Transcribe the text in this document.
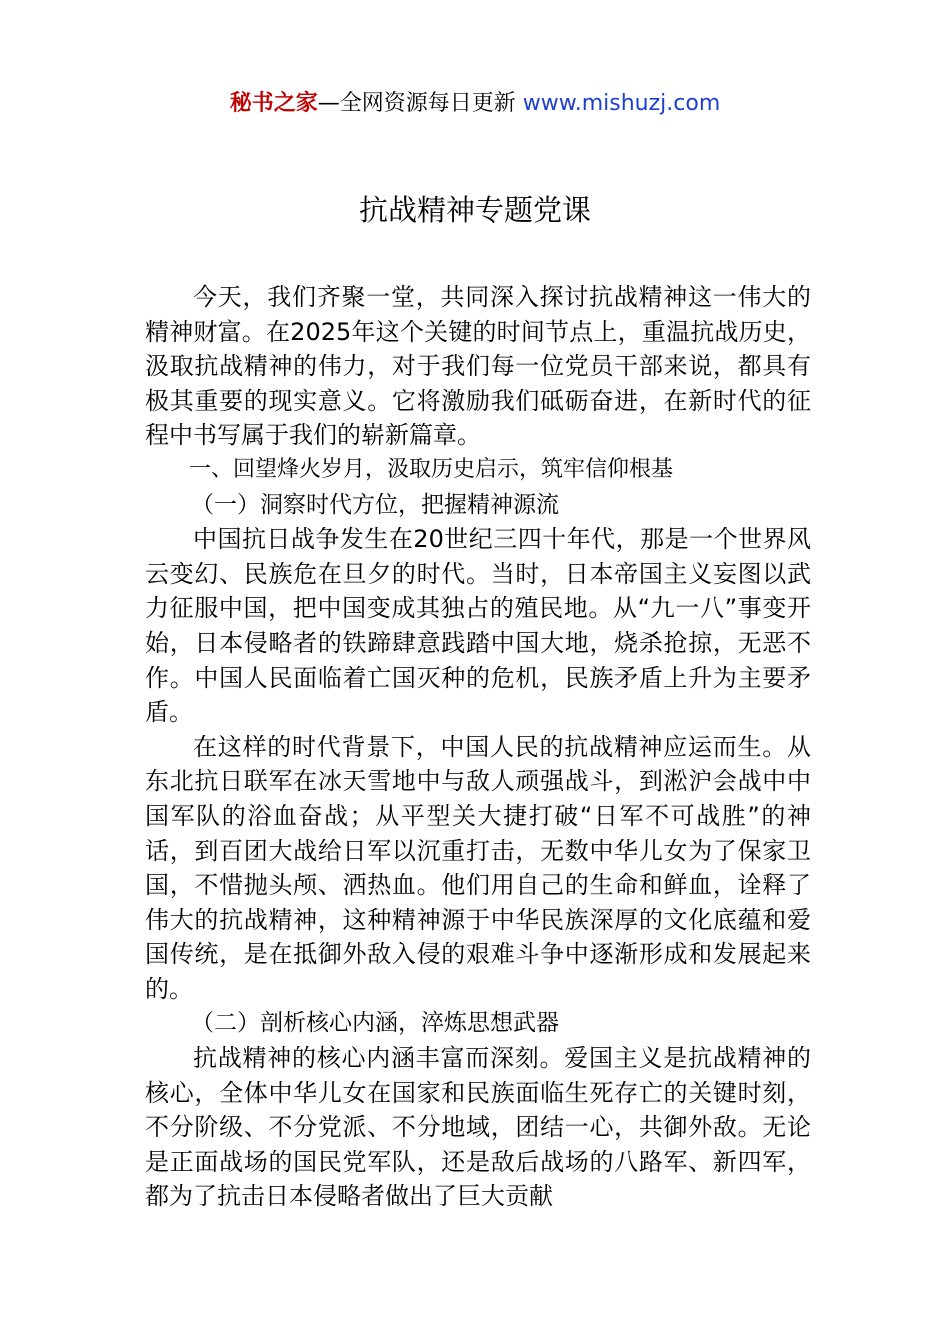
秘书之家—全网资源每日更新 www.mishuzj.com
抗战精神专题党课

今天，我们齐聚一堂，共同深入探讨抗战精神这一伟大的精神财富。在2025年这个关键的时间节点上，重温抗战历史，汲取抗战精神的伟力，对于我们每一位党员干部来说，都具有极其重要的现实意义。它将激励我们砥砺奋进，在新时代的征程中书写属于我们的崭新篇章。

一、回望烽火岁月，汲取历史启示，筑牢信仰根基

（一）洞察时代方位，把握精神源流

中国抗日战争发生在20世纪三四十年代，那是一个世界风云变幻、民族危在旦夕的时代。当时，日本帝国主义妄图以武力征服中国，把中国变成其独占的殖民地。从“九一八”事变开始，日本侵略者的铁蹄肆意践踏中国大地，烧杀抢掠，无恶不作。中国人民面临着亡国灭种的危机，民族矛盾上升为主要矛盾。

在这样的时代背景下，中国人民的抗战精神应运而生。从东北抗日联军在冰天雪地中与敌人顽强战斗，到淞沪会战中中国军队的浴血奋战；从平型关大捷打破“日军不可战胜”的神话，到百团大战给日军以沉重打击，无数中华儿女为了保家卫国，不惜抛头颅、洒热血。他们用自己的生命和鲜血，诠释了伟大的抗战精神，这种精神源于中华民族深厚的文化底蕴和爱国传统，是在抵御外敌入侵的艰难斗争中逐渐形成和发展起来的。

（二）剖析核心内涵，淬炼思想武器

抗战精神的核心内涵丰富而深刻。爱国主义是抗战精神的核心，全体中华儿女在国家和民族面临生死存亡的关键时刻，不分阶级、不分党派、不分地域，团结一心，共御外敌。无论是正面战场的国民党军队，还是敌后战场的八路军、新四军，都为了抗击日本侵略者做出了巨大贡献
